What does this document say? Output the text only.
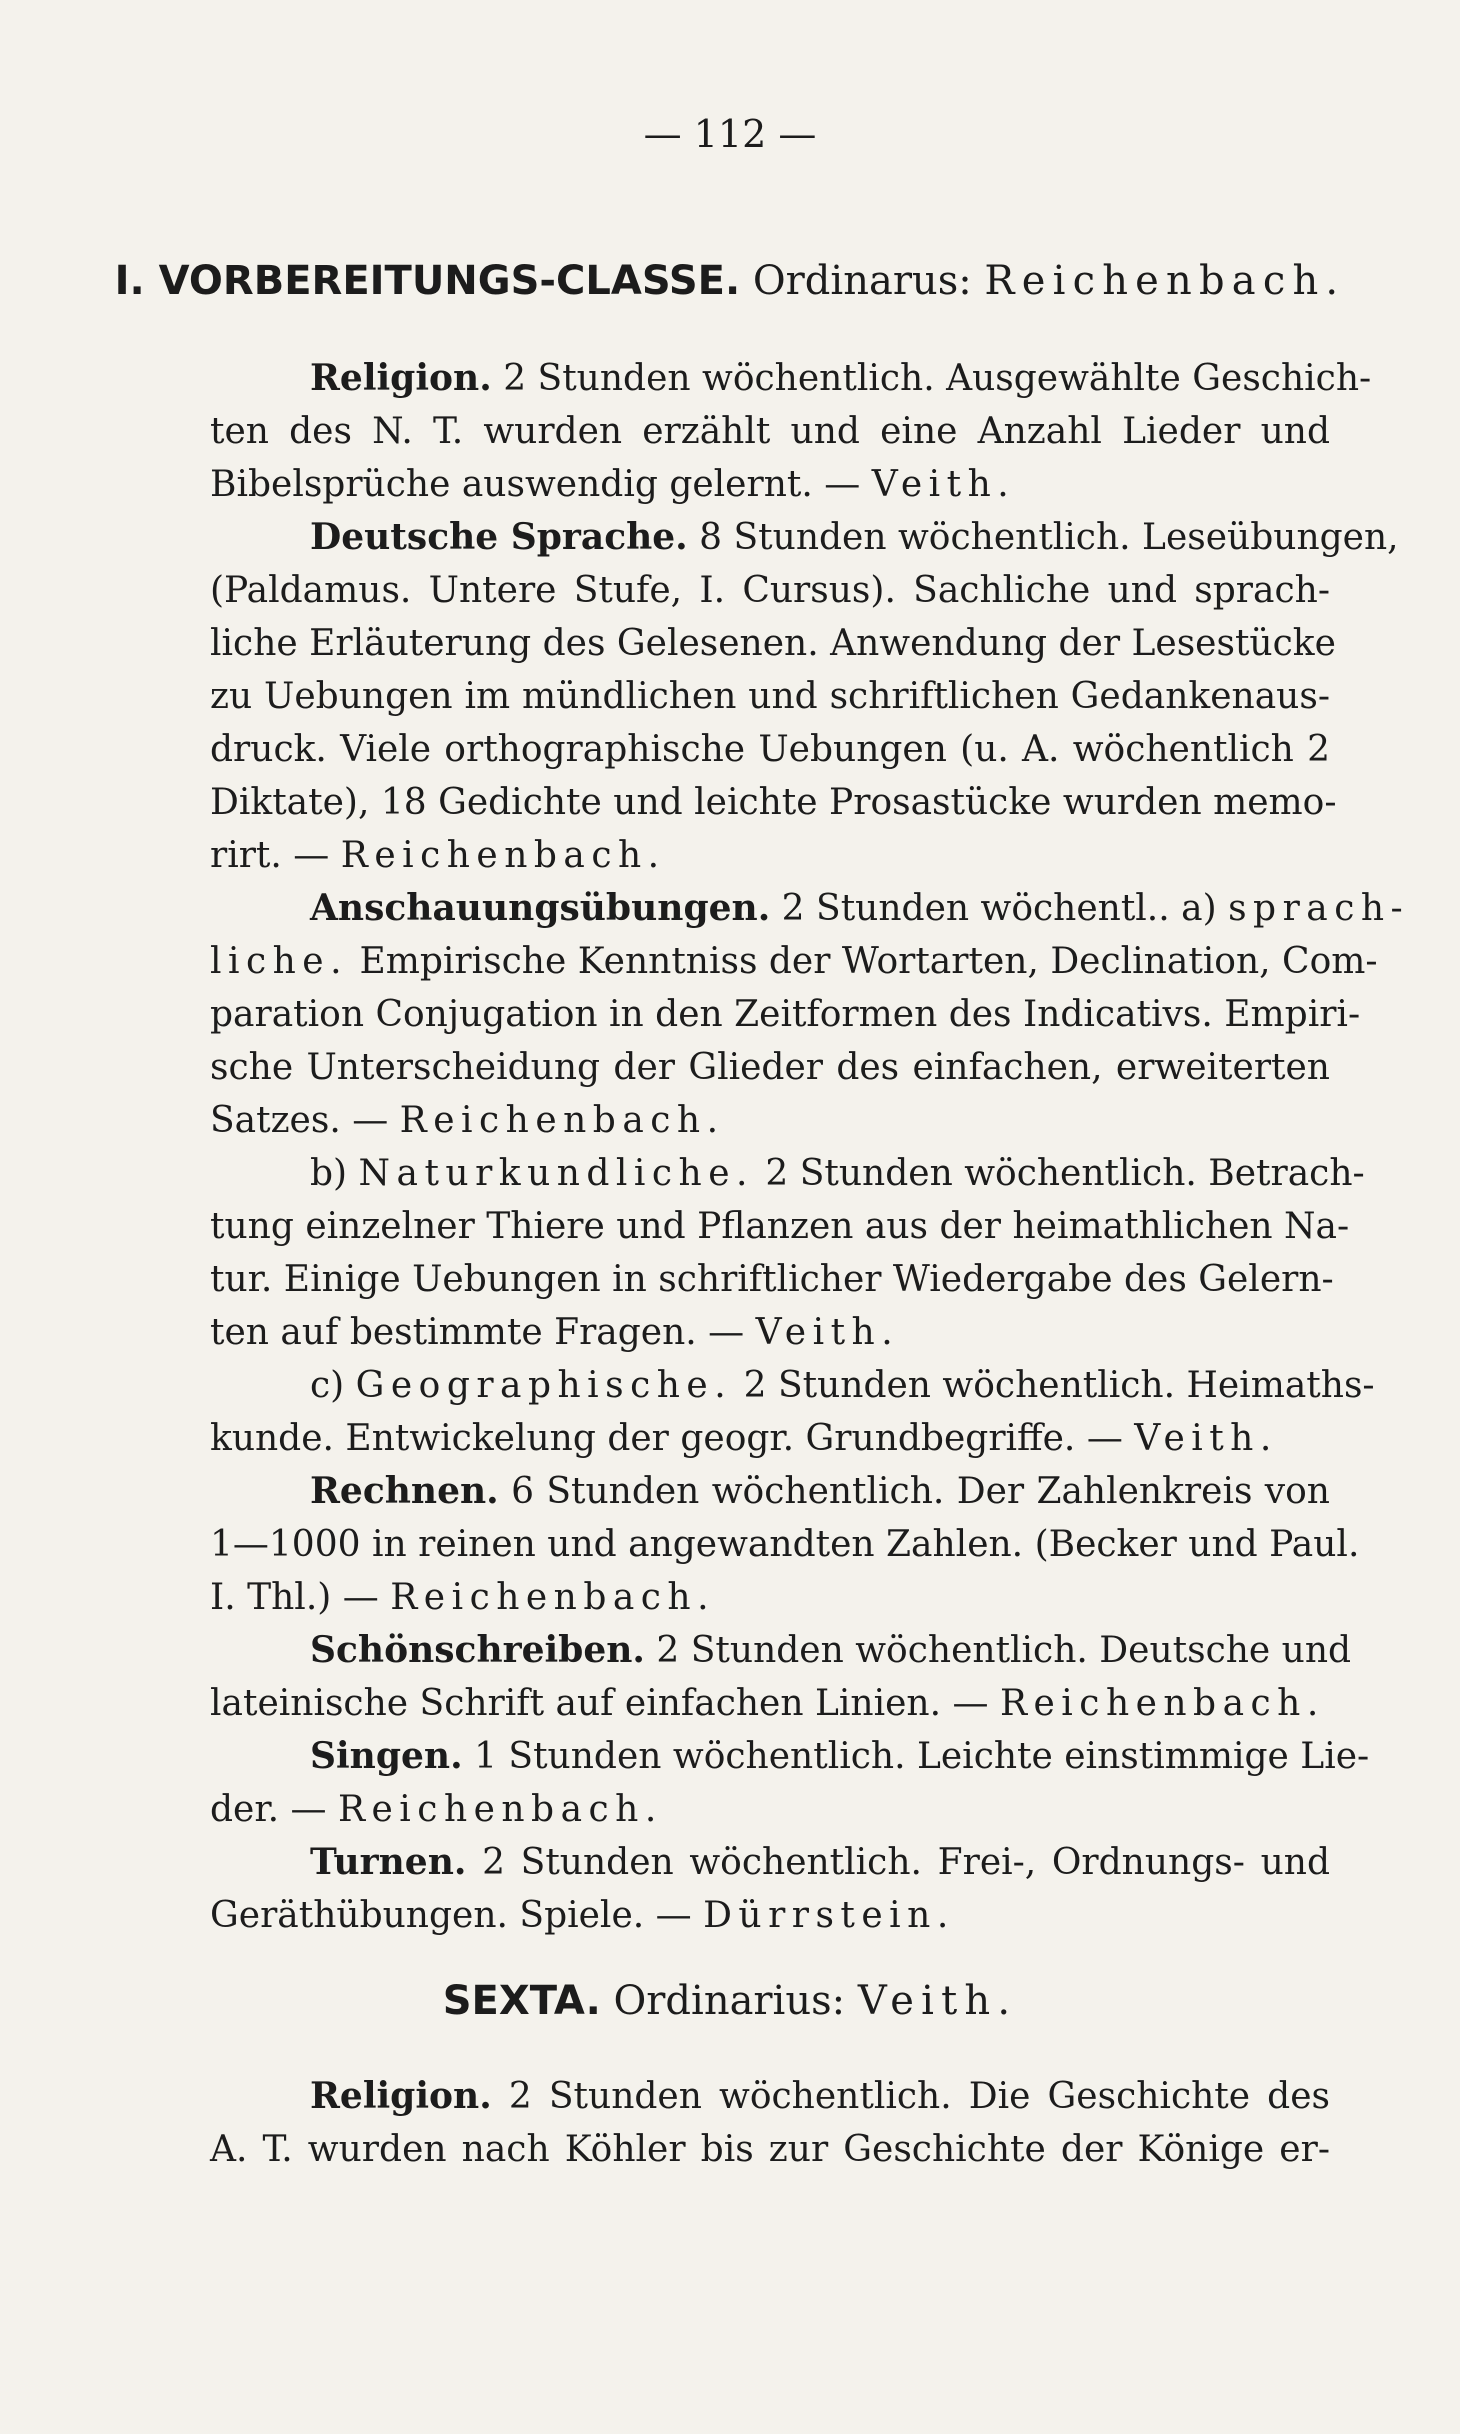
— 112 —
I. VORBEREITUNGS-CLASSE. Ordinarus: Reichenbach.
Religion. 2 Stunden wöchentlich. Ausgewählte Geschich-
ten des N. T. wurden erzählt und eine Anzahl Lieder und
Bibelsprüche auswendig gelernt. — Veith.
Deutsche Sprache. 8 Stunden wöchentlich. Leseübungen,
(Paldamus. Untere Stufe, I. Cursus). Sachliche und sprach-
liche Erläuterung des Gelesenen. Anwendung der Lesestücke
zu Uebungen im mündlichen und schriftlichen Gedankenaus-
druck. Viele orthographische Uebungen (u. A. wöchentlich 2
Diktate), 18 Gedichte und leichte Prosastücke wurden memo-
rirt. — Reichenbach.
Anschauungsübungen. 2 Stunden wöchentl.. a) sprach-
liche. Empirische Kenntniss der Wortarten, Declination, Com-
paration Conjugation in den Zeitformen des Indicativs. Empiri-
sche Unterscheidung der Glieder des einfachen, erweiterten
Satzes. — Reichenbach.
b) Naturkundliche. 2 Stunden wöchentlich. Betrach-
tung einzelner Thiere und Pflanzen aus der heimathlichen Na-
tur. Einige Uebungen in schriftlicher Wiedergabe des Gelern-
ten auf bestimmte Fragen. — Veith.
c) Geographische. 2 Stunden wöchentlich. Heimaths-
kunde. Entwickelung der geogr. Grundbegriffe. — Veith.
Rechnen. 6 Stunden wöchentlich. Der Zahlenkreis von
1—1000 in reinen und angewandten Zahlen. (Becker und Paul.
I. Thl.) — Reichenbach.
Schönschreiben. 2 Stunden wöchentlich. Deutsche und
lateinische Schrift auf einfachen Linien. — Reichenbach.
Singen. 1 Stunden wöchentlich. Leichte einstimmige Lie-
der. — Reichenbach.
Turnen. 2 Stunden wöchentlich. Frei-, Ordnungs- und
Geräthübungen. Spiele. — Dürrstein.
SEXTA. Ordinarius: Veith.
Religion. 2 Stunden wöchentlich. Die Geschichte des
A. T. wurden nach Köhler bis zur Geschichte der Könige er-
